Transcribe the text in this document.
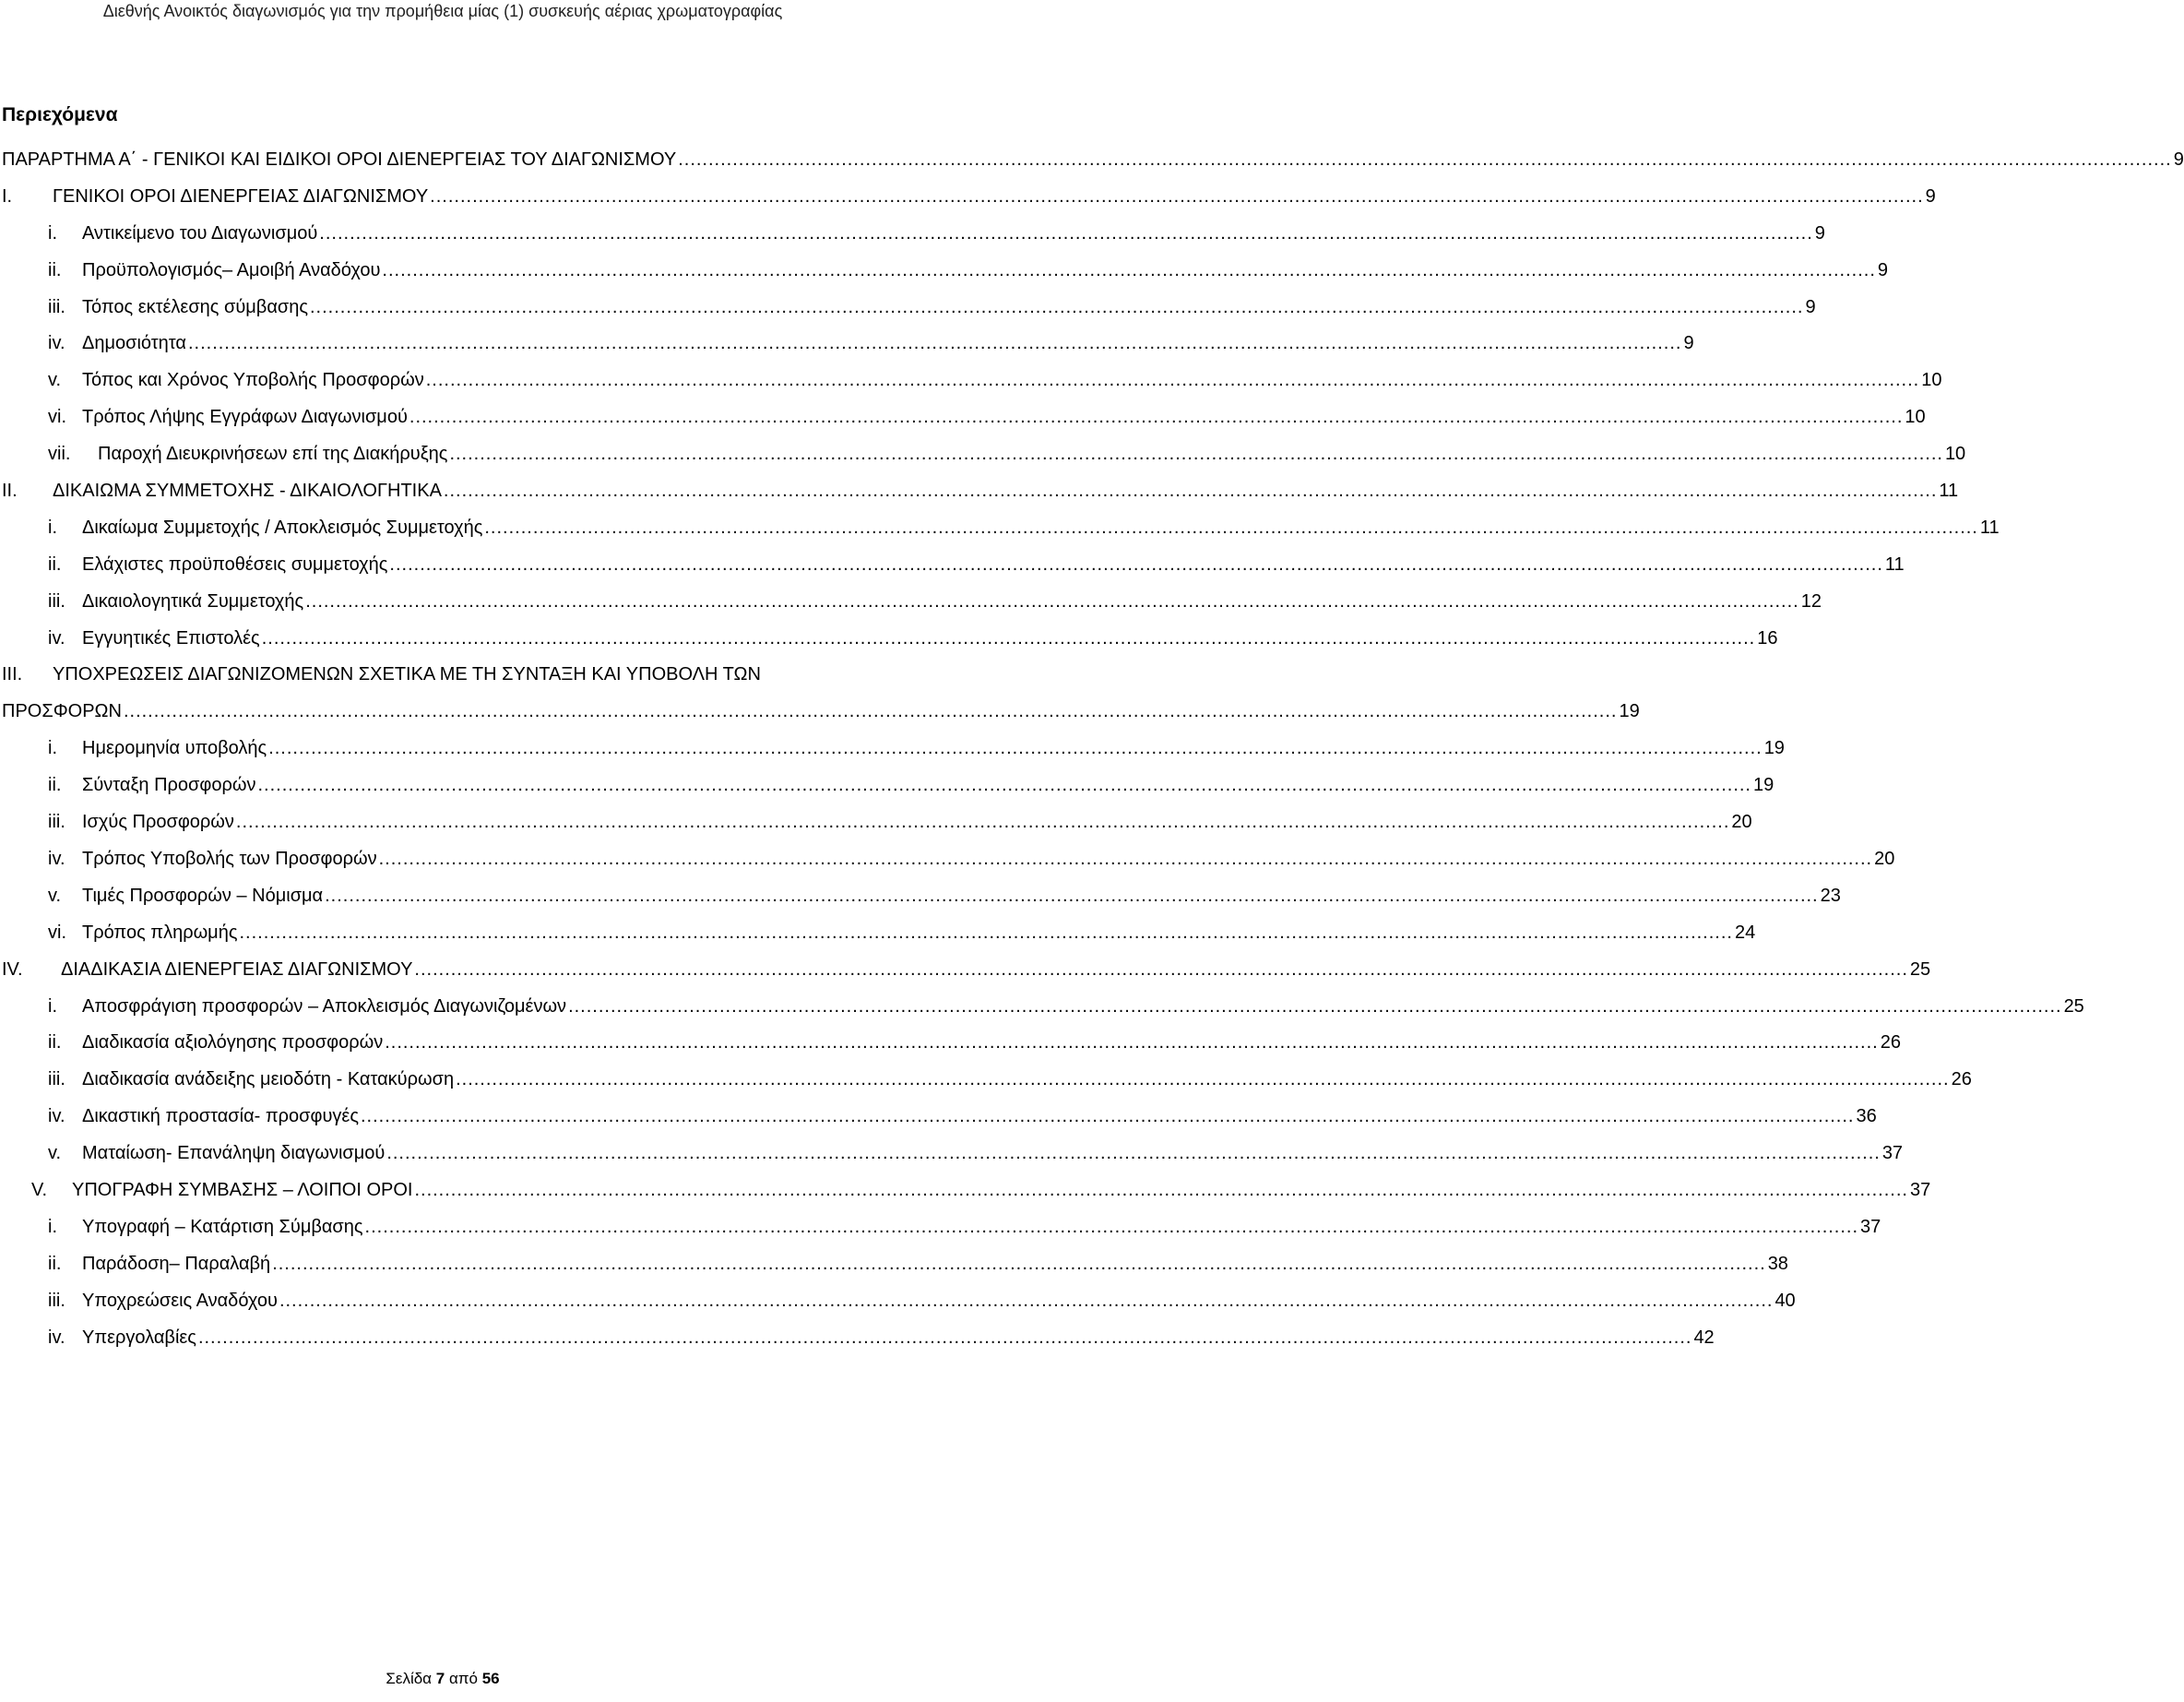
Διεθνής Ανοικτός διαγωνισμός για την προμήθεια μίας (1) συσκευής αέριας χρωματογραφίας
Περιεχόμενα
ΠΑΡΑΡΤΗΜΑ Α΄ - ΓΕΝΙΚΟΙ ΚΑΙ ΕΙΔΙΚΟΙ ΟΡΟΙ ΔΙΕΝΕΡΓΕΙΑΣ ΤΟΥ ΔΙΑΓΩΝΙΣΜΟΥ .....	9
I.	ΓΕΝΙΚΟΙ ΟΡΟΙ ΔΙΕΝΕΡΓΕΙΑΣ ΔΙΑΓΩΝΙΣΜΟΥ .....	9
i.	Αντικείμενο του Διαγωνισμού .....	9
ii.	Προϋπολογισμός– Αμοιβή Αναδόχου .....	9
iii. Τόπος εκτέλεσης σύμβασης .....	9
iv. Δημοσιότητα .....	9
v.	Τόπος και Χρόνος Υποβολής Προσφορών .....	10
vi. Τρόπος Λήψης Εγγράφων Διαγωνισμού .....	10
vii.	Παροχή Διευκρινήσεων επί της Διακήρυξης .....	10
II.	ΔΙΚΑΙΩΜΑ ΣΥΜΜΕΤΟΧΗΣ - ΔΙΚΑΙΟΛΟΓΗΤΙΚΑ .....	11
i.	Δικαίωμα Συμμετοχής / Αποκλεισμός Συμμετοχής .....	11
ii.	Ελάχιστες προϋποθέσεις συμμετοχής .....	11
iii. Δικαιολογητικά Συμμετοχής .....	12
iv. Εγγυητικές Επιστολές .....	16
III. ΥΠΟΧΡΕΩΣΕΙΣ ΔΙΑΓΩΝΙΖΟΜΕΝΩΝ ΣΧΕΤΙΚΑ ΜΕ ΤΗ ΣΥΝΤΑΞΗ ΚΑΙ ΥΠΟΒΟΛΗ ΤΩΝ
ΠΡΟΣΦΟΡΩΝ .....	19
i.	Ημερομηνία υποβολής .....	19
ii.	Σύνταξη Προσφορών .....	19
iii. Ισχύς Προσφορών .....	20
iv. Τρόπος Υποβολής των Προσφορών .....	20
v.	Τιμές Προσφορών – Νόμισμα .....	23
vi. Τρόπος πληρωμής .....	24
IV.	ΔΙΑΔΙΚΑΣΙΑ ΔΙΕΝΕΡΓΕΙΑΣ ΔΙΑΓΩΝΙΣΜΟΥ .....	25
i.	Αποσφράγιση προσφορών – Αποκλεισμός Διαγωνιζομένων .....	25
ii.	Διαδικασία αξιολόγησης προσφορών .....	26
iii. Διαδικασία ανάδειξης μειοδότη - Κατακύρωση .....	26
iv. Δικαστική προστασία- προσφυγές .....	36
v.	Ματαίωση- Επανάληψη διαγωνισμού .....	37
V.	ΥΠΟΓΡΑΦΗ ΣΥΜΒΑΣΗΣ – ΛΟΙΠΟΙ ΟΡΟΙ .....	37
i.	Υπογραφή – Κατάρτιση Σύμβασης .....	37
ii.	Παράδοση– Παραλαβή .....	38
iii. Υποχρεώσεις Αναδόχου .....	40
iv. Υπεργολαβίες .....	42
Σελίδα 7 από 56
